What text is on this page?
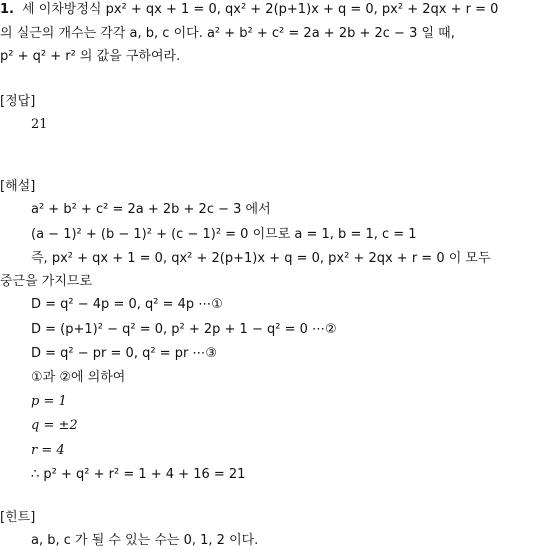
1. 세 이차방정식 px² + qx + 1 = 0, qx² + 2(p+1)x + q = 0, px² + 2qx + r = 0
의 실근의 개수는 각각 a, b, c 이다. a² + b² + c² = 2a + 2b + 2c − 3 일 때,
p² + q² + r² 의 값을 구하여라.
[정답]
21
[해설]
a² + b² + c² = 2a + 2b + 2c − 3 에서
(a − 1)² + (b − 1)² + (c − 1)² = 0 이므로 a = 1, b = 1, c = 1
즉, px² + qx + 1 = 0, qx² + 2(p+1)x + q = 0, px² + 2qx + r = 0 이 모두
중근을 가지므로
D = q² − 4p = 0, q² = 4p ⋯①
D = (p+1)² − q² = 0, p² + 2p + 1 − q² = 0 ⋯②
D = q² − pr = 0, q² = pr ⋯③
①과 ②에 의하여
p = 1
q = ±2
r = 4
∴ p² + q² + r² = 1 + 4 + 16 = 21
[힌트]
a, b, c 가 될 수 있는 수는 0, 1, 2 이다.
